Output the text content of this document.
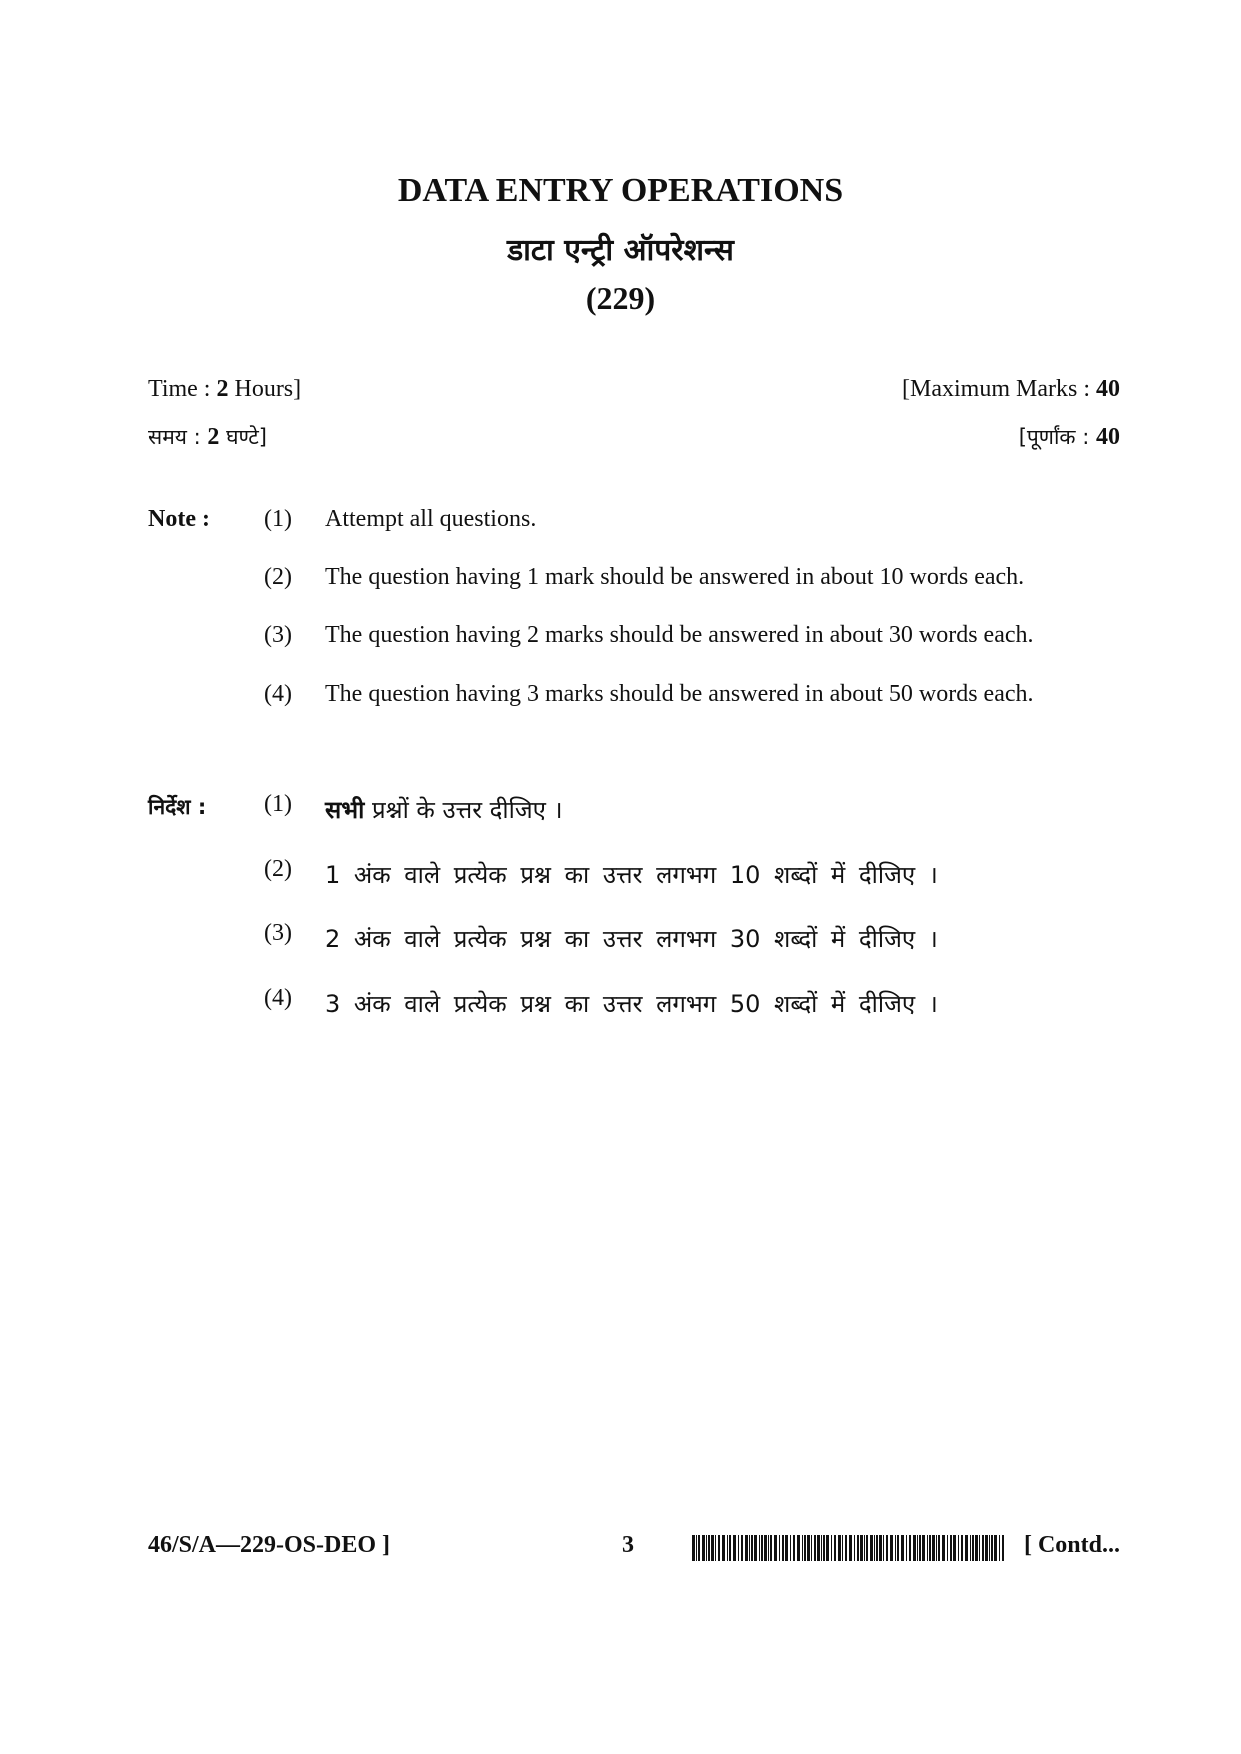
DATA ENTRY OPERATIONS
डाटा एन्ट्री ऑपरेशन्स
(229)
Time : 2 Hours]	[Maximum Marks : 40
समय : 2 घण्टे]	[पूर्णांक : 40
Note : (1) Attempt all questions.
(2) The question having 1 mark should be answered in about 10 words each.
(3) The question having 2 marks should be answered in about 30 words each.
(4) The question having 3 marks should be answered in about 50 words each.
निर्देश : (1) सभी प्रश्नों के उत्तर दीजिए ।
(2) 1 अंक वाले प्रत्येक प्रश्न का उत्तर लगभग 10 शब्दों में दीजिए ।
(3) 2 अंक वाले प्रत्येक प्रश्न का उत्तर लगभग 30 शब्दों में दीजिए ।
(4) 3 अंक वाले प्रत्येक प्रश्न का उत्तर लगभग 50 शब्दों में दीजिए ।
46/S/A—229-OS-DEO ]	3	[ Contd...
